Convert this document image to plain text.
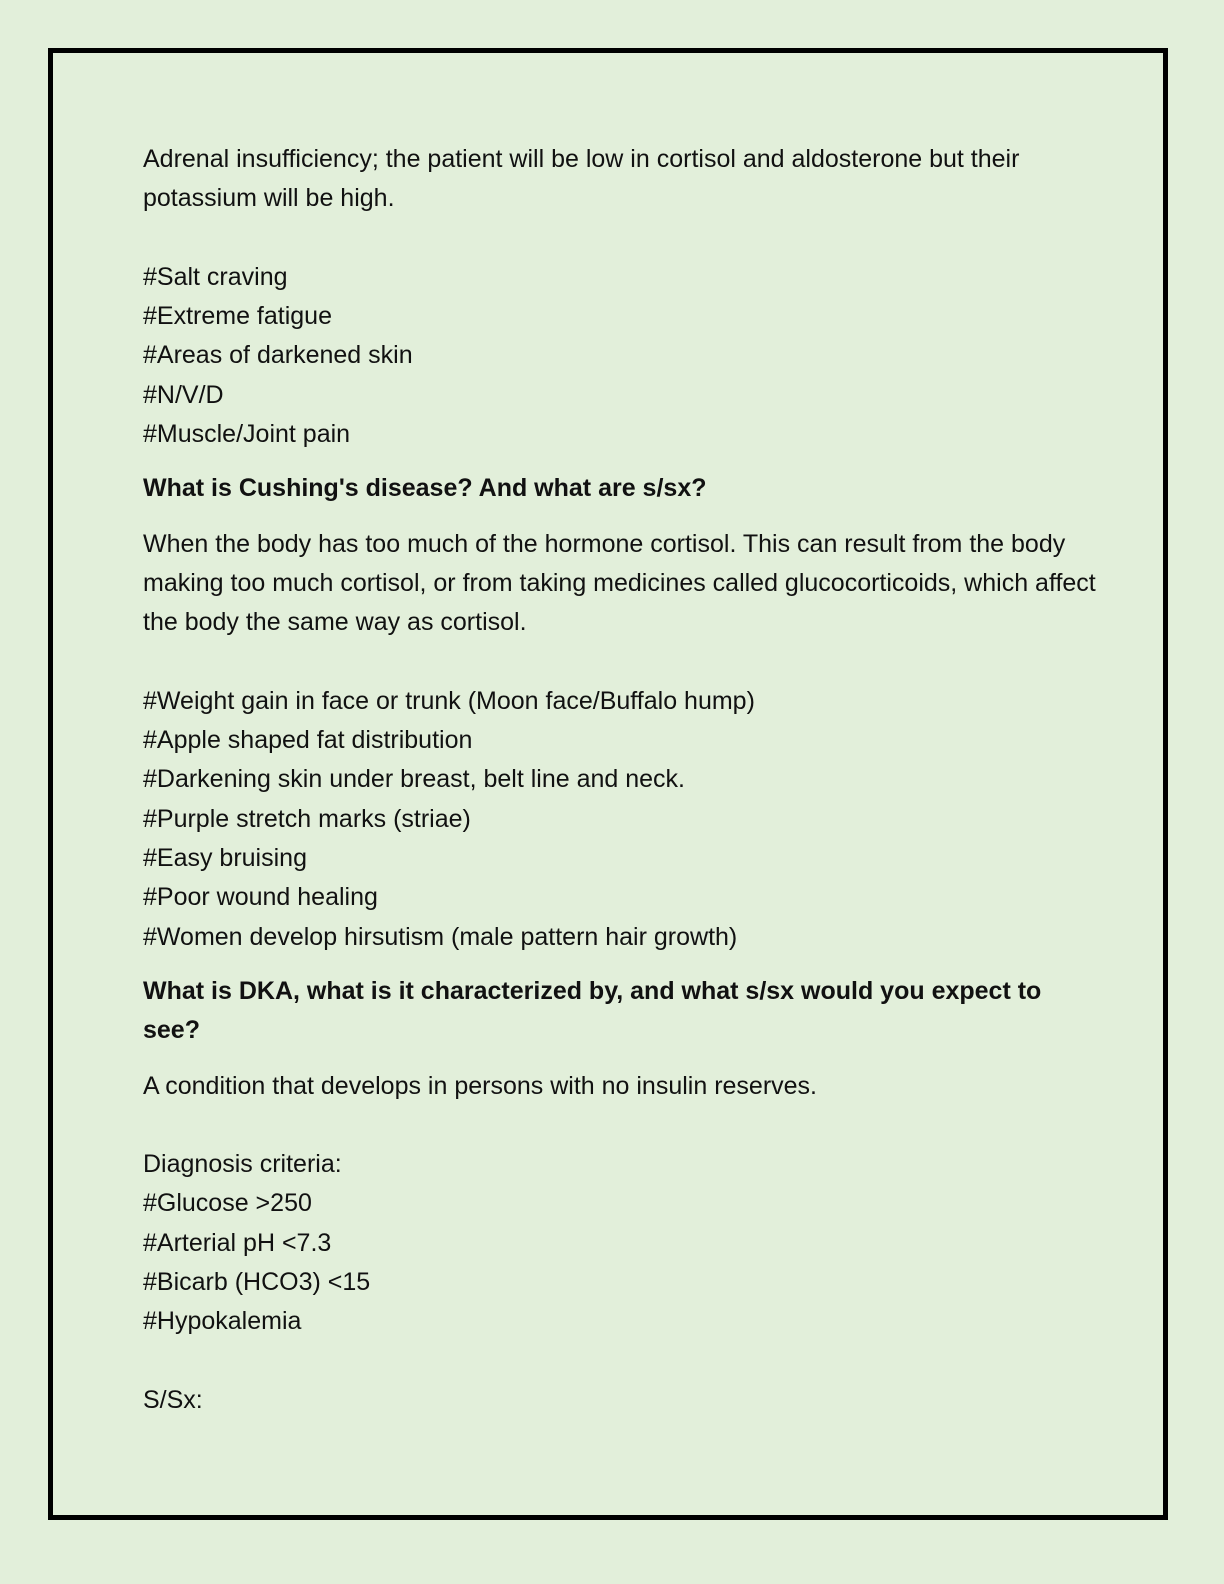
Adrenal insufficiency; the patient will be low in cortisol and aldosterone but their potassium will be high.

#Salt craving

#Extreme fatigue

#Areas of darkened skin

#N/V/D

#Muscle/Joint pain

What is Cushing's disease? And what are s/sx?

When the body has too much of the hormone cortisol. This can result from the body making too much cortisol, or from taking medicines called glucocorticoids, which affect the body the same way as cortisol.

#Weight gain in face or trunk (Moon face/Buffalo hump)

#Apple shaped fat distribution

#Darkening skin under breast, belt line and neck.

#Purple stretch marks (striae)

#Easy bruising

#Poor wound healing

#Women develop hirsutism (male pattern hair growth)

What is DKA, what is it characterized by, and what s/sx would you expect to see?

A condition that develops in persons with no insulin reserves.

Diagnosis criteria:

#Glucose >250

#Arterial pH <7.3

#Bicarb (HCO3) <15

#Hypokalemia

S/Sx:
